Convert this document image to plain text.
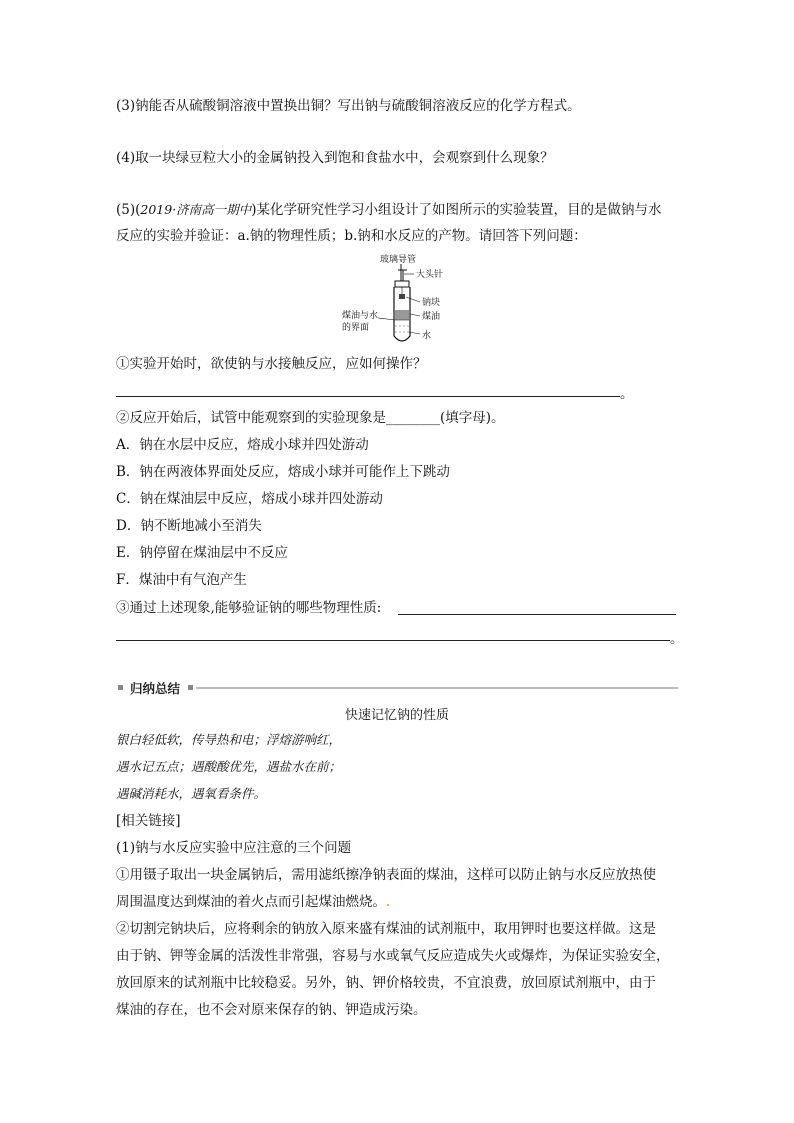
(3)钠能否从硫酸铜溶液中置换出铜？写出钠与硫酸铜溶液反应的化学方程式。
(4)取一块绿豆粒大小的金属钠投入到饱和食盐水中，会观察到什么现象？
(5)(2019·济南高一期中)某化学研究性学习小组设计了如图所示的实验装置，目的是做钠与水
反应的实验并验证：a.钠的物理性质；b.钠和水反应的产物。请回答下列问题：
玻璃导管
大头针
钠块
煤油
水
煤油与水
的界面
①实验开始时，欲使钠与水接触反应，应如何操作？
。
②反应开始后，试管中能观察到的实验现象是________(填字母)。
A．钠在水层中反应，熔成小球并四处游动
B．钠在两液体界面处反应，熔成小球并可能作上下跳动
C．钠在煤油层中反应，熔成小球并四处游动
D．钠不断地减小至消失
E．钠停留在煤油层中不反应
F．煤油中有气泡产生
③通过上述现象,能够验证钠的哪些物理性质:
。
归纳总结
快速记忆钠的性质
银白轻低软，传导热和电；浮熔游响红，
遇水记五点；遇酸酸优先，遇盐水在前；
遇碱消耗水，遇氧看条件。
[相关链接]
(1)钠与水反应实验中应注意的三个问题
①用镊子取出一块金属钠后，需用滤纸擦净钠表面的煤油，这样可以防止钠与水反应放热使
周围温度达到煤油的着火点而引起煤油燃烧。.
②切割完钠块后，应将剩余的钠放入原来盛有煤油的试剂瓶中，取用钾时也要这样做。这是
由于钠、钾等金属的活泼性非常强，容易与水或氧气反应造成失火或爆炸，为保证实验安全，
放回原来的试剂瓶中比较稳妥。另外，钠、钾价格较贵，不宜浪费，放回原试剂瓶中，由于
煤油的存在，也不会对原来保存的钠、钾造成污染。
